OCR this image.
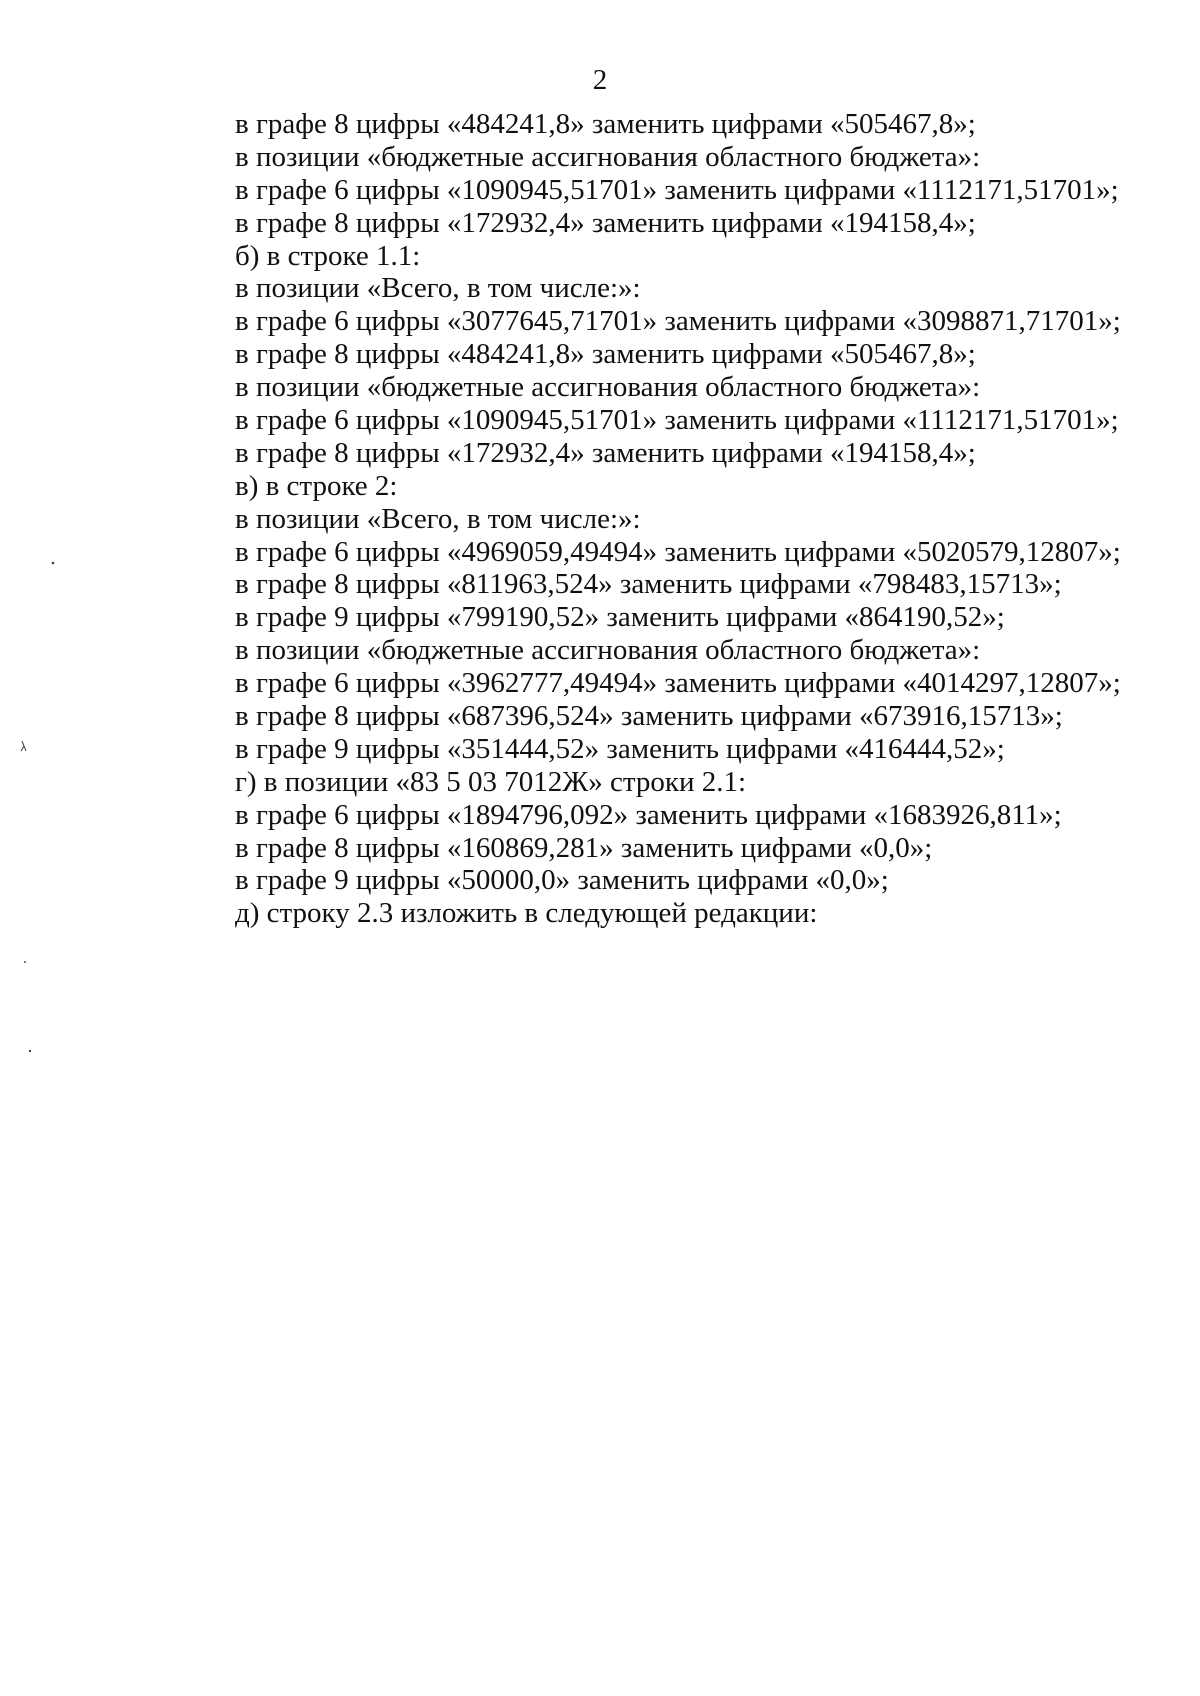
2
в графе 8 цифры «484241,8» заменить цифрами «505467,8»;
в позиции «бюджетные ассигнования областного бюджета»:
в графе 6 цифры «1090945,51701» заменить цифрами «1112171,51701»;
в графе 8 цифры «172932,4» заменить цифрами «194158,4»;
б) в строке 1.1:
в позиции «Всего, в том числе:»:
в графе 6 цифры «3077645,71701» заменить цифрами «3098871,71701»;
в графе 8 цифры «484241,8» заменить цифрами «505467,8»;
в позиции «бюджетные ассигнования областного бюджета»:
в графе 6 цифры «1090945,51701» заменить цифрами «1112171,51701»;
в графе 8 цифры «172932,4» заменить цифрами «194158,4»;
в) в строке 2:
в позиции «Всего, в том числе:»:
в графе 6 цифры «4969059,49494» заменить цифрами «5020579,12807»;
в графе 8 цифры «811963,524» заменить цифрами «798483,15713»;
в графе 9 цифры «799190,52» заменить цифрами «864190,52»;
в позиции «бюджетные ассигнования областного бюджета»:
в графе 6 цифры «3962777,49494» заменить цифрами «4014297,12807»;
в графе 8 цифры «687396,524» заменить цифрами «673916,15713»;
в графе 9 цифры «351444,52» заменить цифрами «416444,52»;
г) в позиции «83 5 03 7012Ж» строки 2.1:
в графе 6 цифры «1894796,092» заменить цифрами «1683926,811»;
в графе 8 цифры «160869,281» заменить цифрами «0,0»;
в графе 9 цифры «50000,0» заменить цифрами «0,0»;
д) строку 2.3 изложить в следующей редакции:
